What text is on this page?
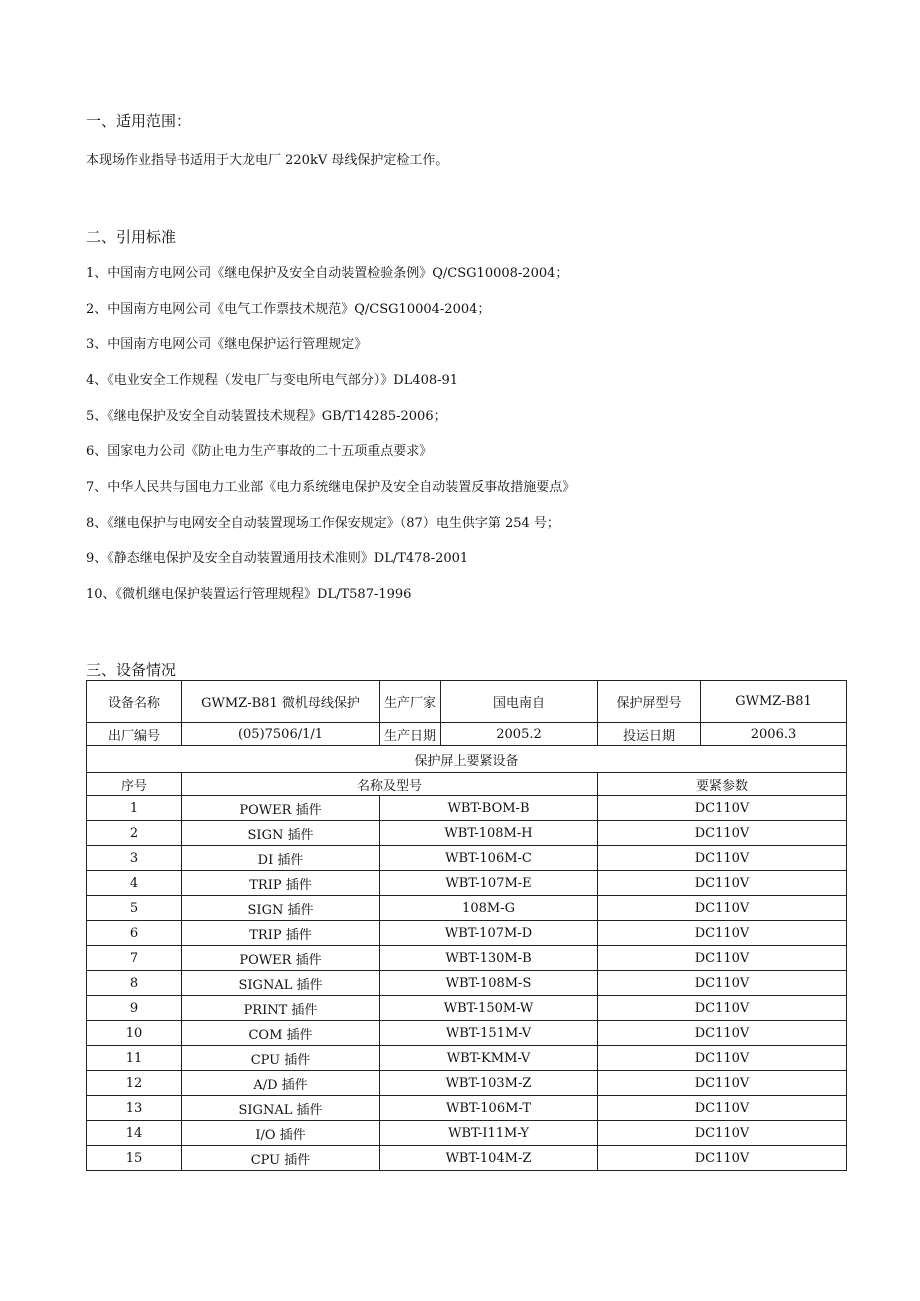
一、适用范围：
本现场作业指导书适用于大龙电厂 220kV 母线保护定检工作。
二、引用标准
1、中国南方电网公司《继电保护及安全自动装置检验条例》Q/CSG10008-2004；
2、中国南方电网公司《电气工作票技术规范》Q/CSG10004-2004；
3、中国南方电网公司《继电保护运行管理规定》
4、《电业安全工作规程（发电厂与变电所电气部分）》DL408-91
5、《继电保护及安全自动装置技术规程》GB/T14285-2006；
6、国家电力公司《防止电力生产事故的二十五项重点要求》
7、中华人民共与国电力工业部《电力系统继电保护及安全自动装置反事故措施要点》
8、《继电保护与电网安全自动装置现场工作保安规定》（87）电生供字第 254 号；
9、《静态继电保护及安全自动装置通用技术准则》DL/T478-2001
10、《微机继电保护装置运行管理规程》DL/T587-1996
三、设备情况
设备名称	GWMZ-B81 微机母线保护	生产厂家 国电南自	保护屏型号	GWMZ-B81
出厂编号	(05)7506/1/1	生产日期 2005.2	投运日期	2006.3
保护屏上要紧设备				
序号	名称及型号		要紧参数	
1	POWER 插件	WBT-BOM-B	DC110V	
2	SIGN 插件	WBT-108M-H	DC110V	
3	DI 插件	WBT-106M-C	DC110V	
4	TRIP 插件	WBT-107M-E	DC110V	
5	SIGN 插件	108M-G	DC110V	
6	TRIP 插件	WBT-107M-D	DC110V	
7	POWER 插件	WBT-130M-B	DC110V	
8	SIGNAL 插件	WBT-108M-S	DC110V	
9	PRINT 插件	WBT-150M-W	DC110V	
10	COM 插件	WBT-151M-V	DC110V	
11	CPU 插件	WBT-KMM-V	DC110V	
12	A/D 插件	WBT-103M-Z	DC110V	
13	SIGNAL 插件	WBT-106M-T	DC110V	
14	I/O 插件	WBT-I11M-Y	DC110V	
15	CPU 插件	WBT-104M-Z	DC110V	
